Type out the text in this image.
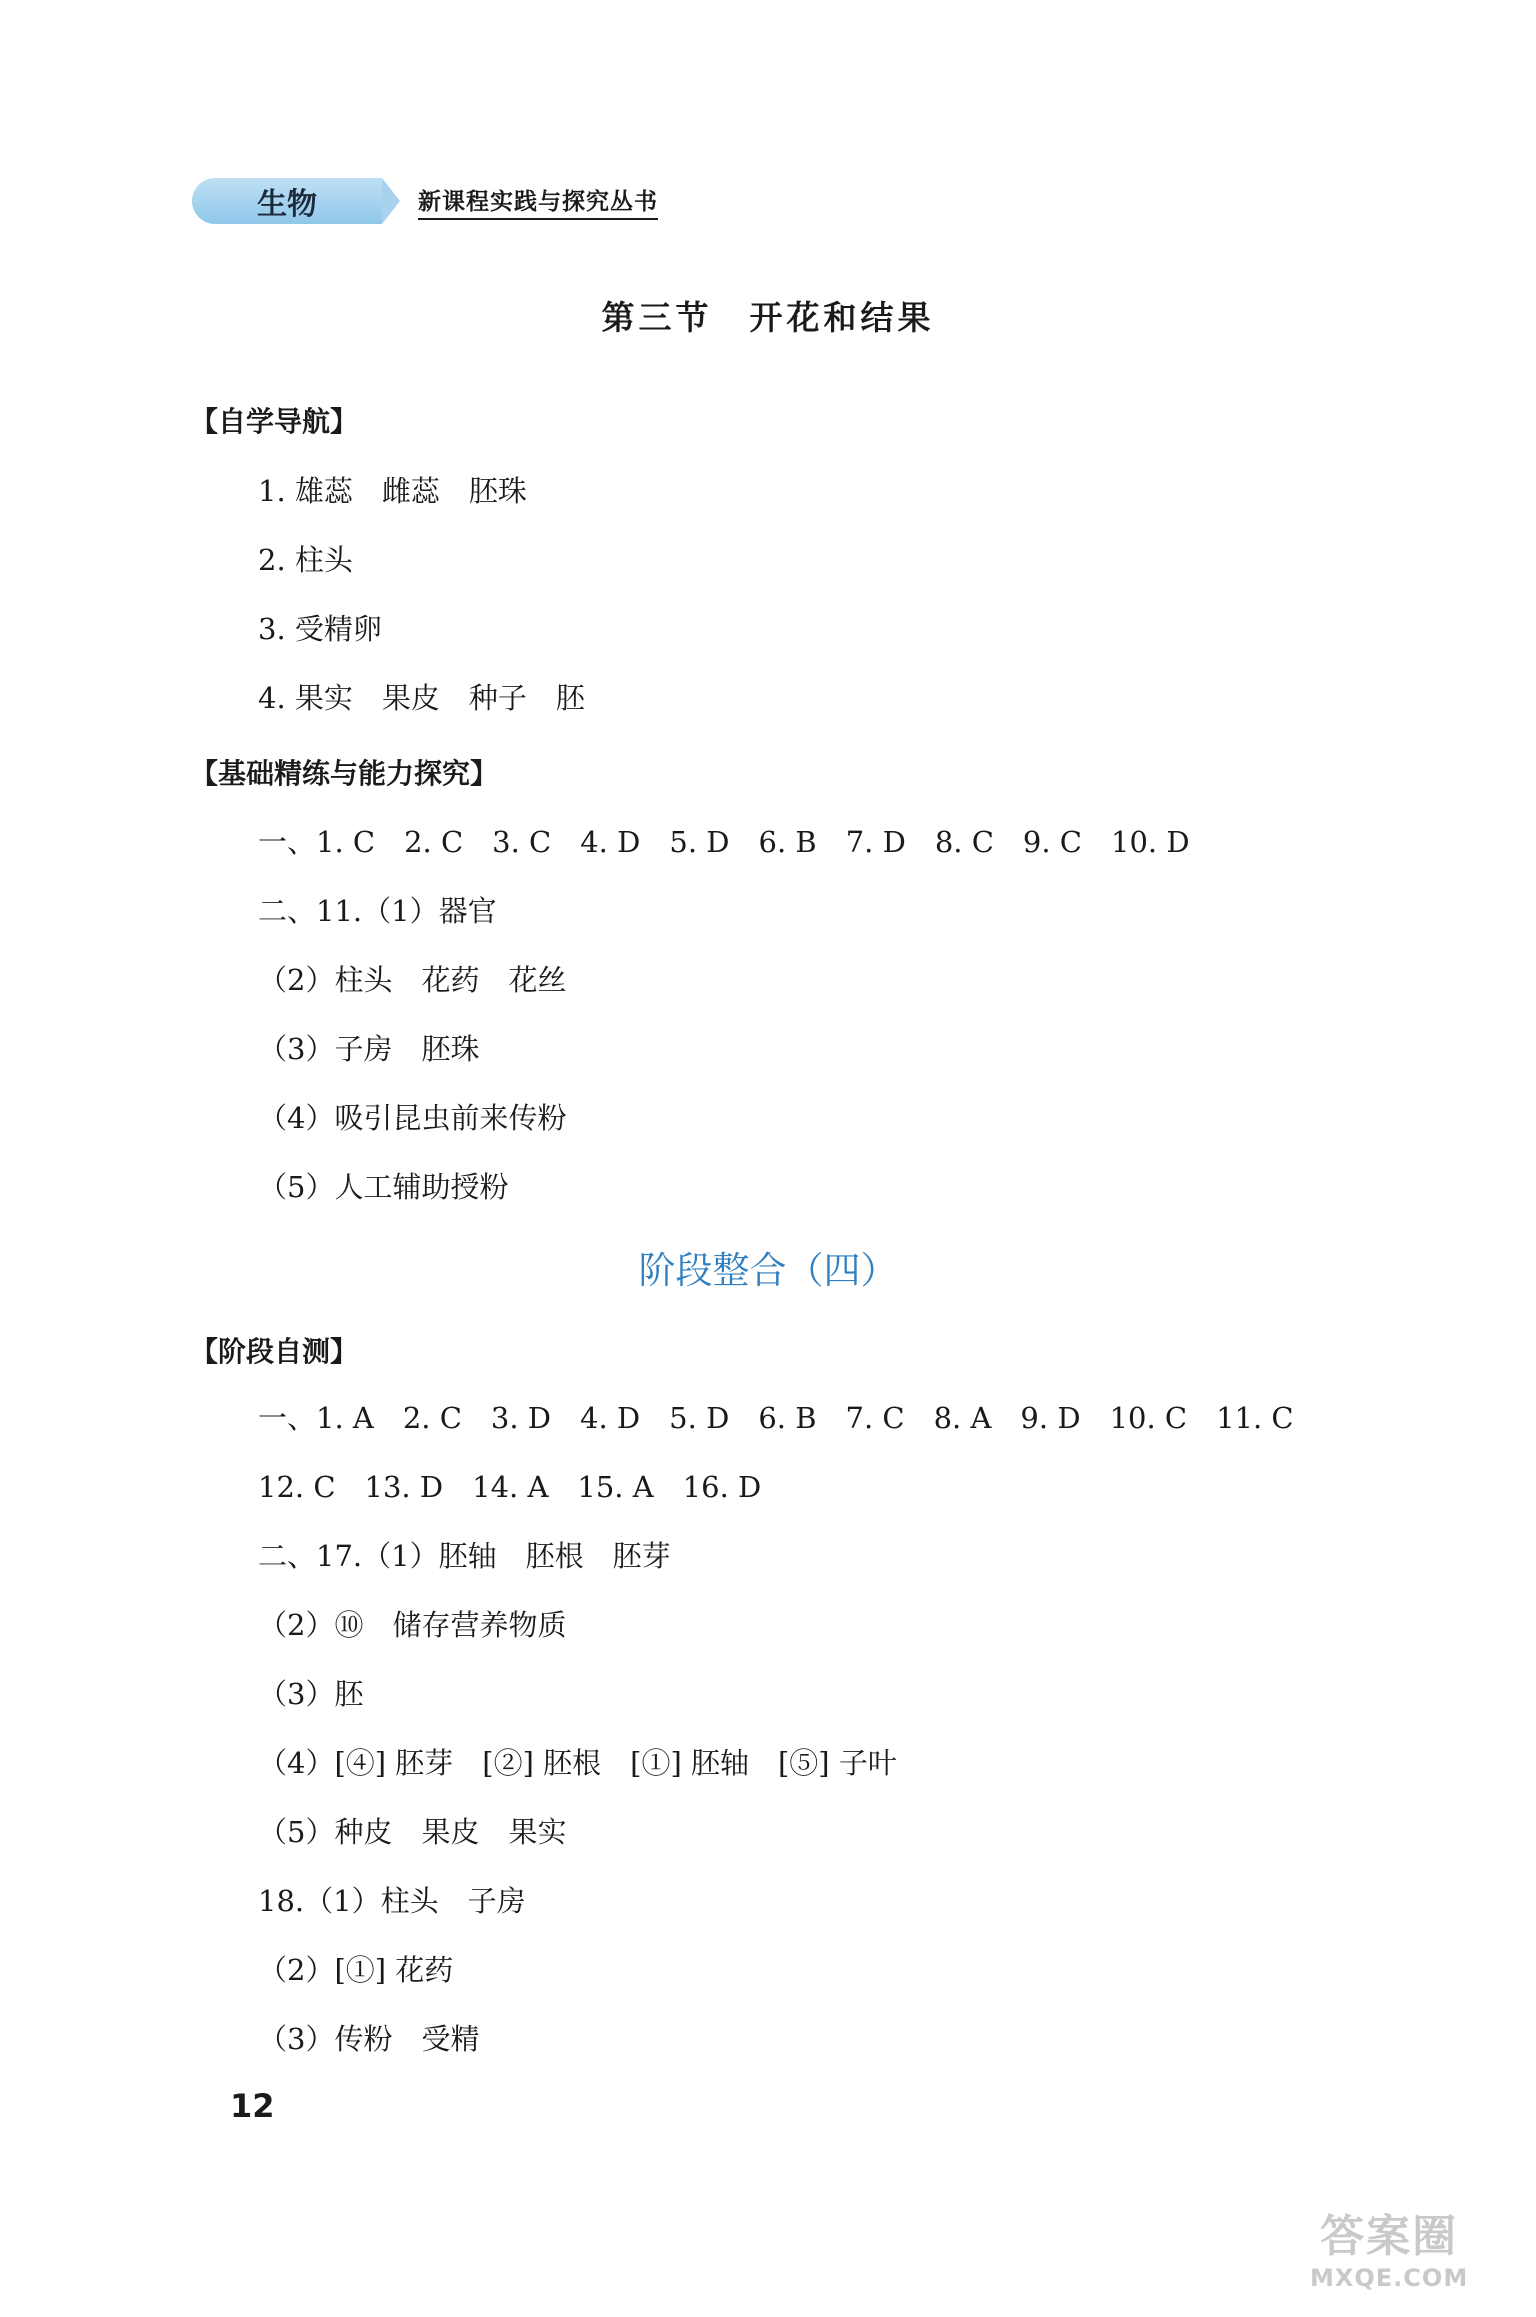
生物	新课程实践与探究丛书
第三节　开花和结果
【自学导航】
1. 雄蕊　雌蕊　胚珠
2. 柱头
3. 受精卵
4. 果实　果皮　种子　胚
【基础精练与能力探究】
一、1. C　2. C　3. C　4. D　5. D　6. B　7. D　8. C　9. C　10. D
二、11.（1）器官
（2）柱头　花药　花丝
（3）子房　胚珠
（4）吸引昆虫前来传粉
（5）人工辅助授粉
阶段整合（四）
【阶段自测】
一、1. A　2. C　3. D　4. D　5. D　6. B　7. C　8. A　9. D　10. C　11. C
12. C　13. D　14. A　15. A　16. D
二、17.（1）胚轴　胚根　胚芽
（2）⑩　储存营养物质
（3）胚
（4）[④] 胚芽　[②] 胚根　[①] 胚轴　[⑤] 子叶
（5）种皮　果皮　果实
18.（1）柱头　子房
（2）[①] 花药
（3）传粉　受精
12
答案圈
MXQE.COM
